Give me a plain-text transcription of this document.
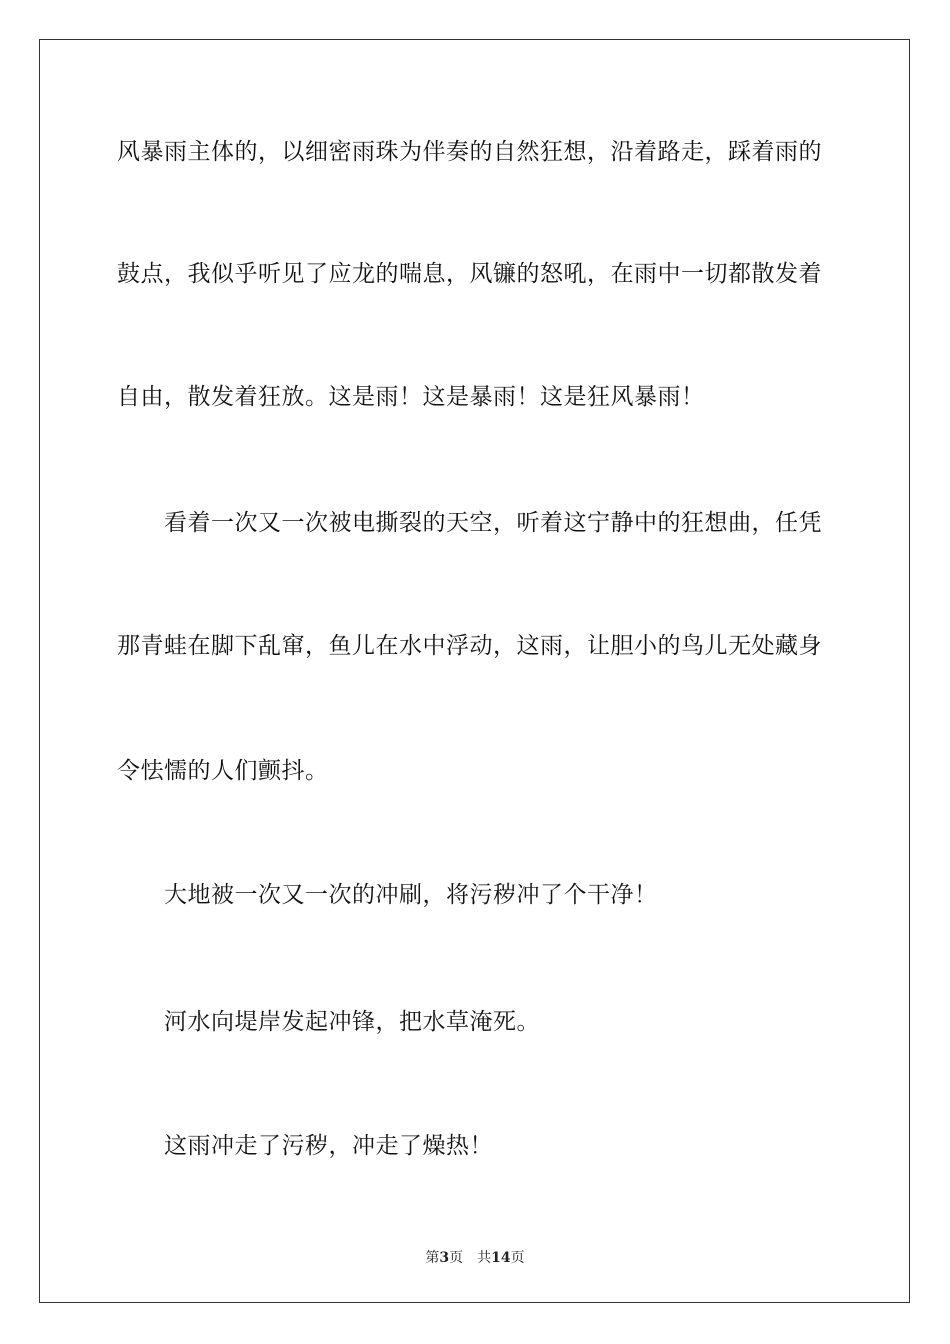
风暴雨主体的，以细密雨珠为伴奏的自然狂想，沿着路走，踩着雨的
鼓点，我似乎听见了应龙的喘息，风镰的怒吼，在雨中一切都散发着
自由，散发着狂放。这是雨！这是暴雨！这是狂风暴雨！
看着一次又一次被电撕裂的天空，听着这宁静中的狂想曲，任凭
那青蛙在脚下乱窜，鱼儿在水中浮动，这雨，让胆小的鸟儿无处藏身
令怯懦的人们颤抖。
大地被一次又一次的冲刷，将污秽冲了个干净！
河水向堤岸发起冲锋，把水草淹死。
这雨冲走了污秽，冲走了燥热！
第3页 共14页
